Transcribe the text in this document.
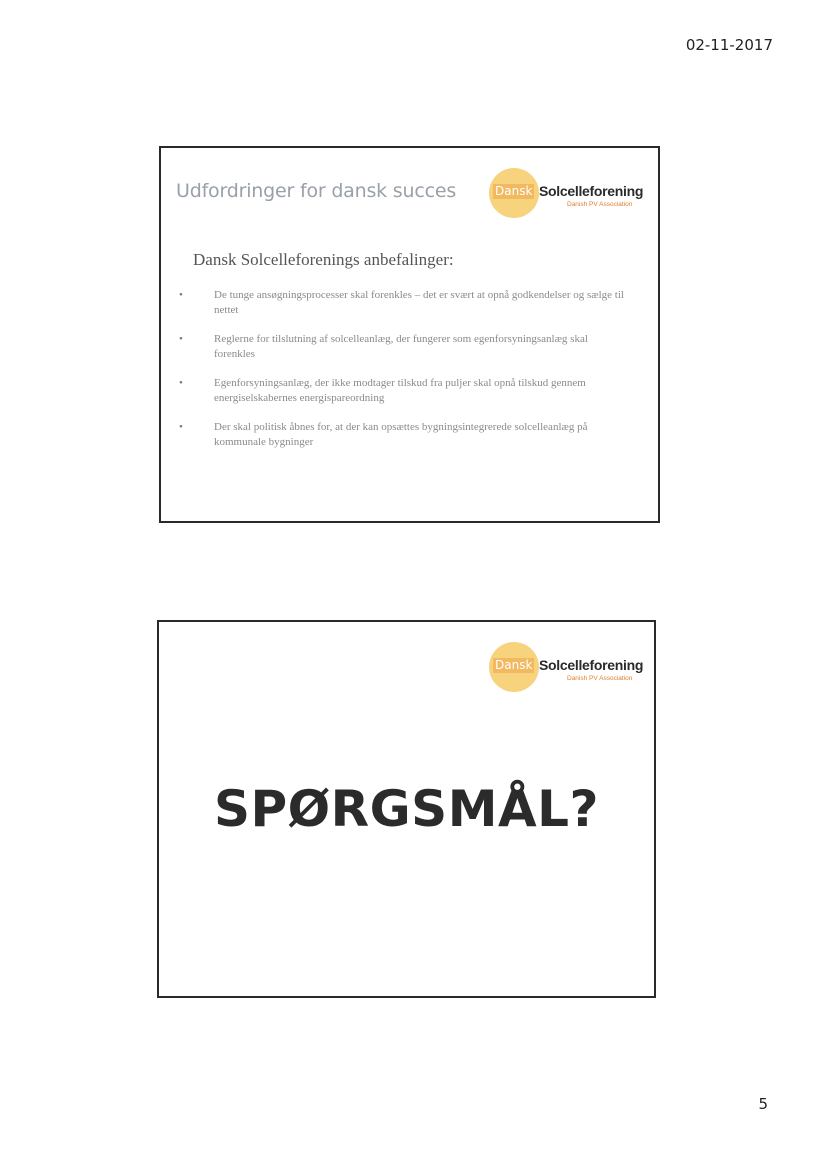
02-11-2017
Udfordringer for dansk succes	Dansk Solcelleforening
Danish PV Association
Dansk Solcelleforenings anbefalinger:
•	De tunge ansøgningsprocesser skal forenkles – det er svært at opnå godkendelser og sælge til nettet
•	Reglerne for tilslutning af solcelleanlæg, der fungerer som egenforsyningsanlæg skal forenkles
•	Egenforsyningsanlæg, der ikke modtager tilskud fra puljer skal opnå tilskud gennem energiselskabernes energispareordning
•	Der skal politisk åbnes for, at der kan opsættes bygningsintegrerede solcelleanlæg på kommunale bygninger
Dansk Solcelleforening
Danish PV Association
SPØRGSMÅL?
5
